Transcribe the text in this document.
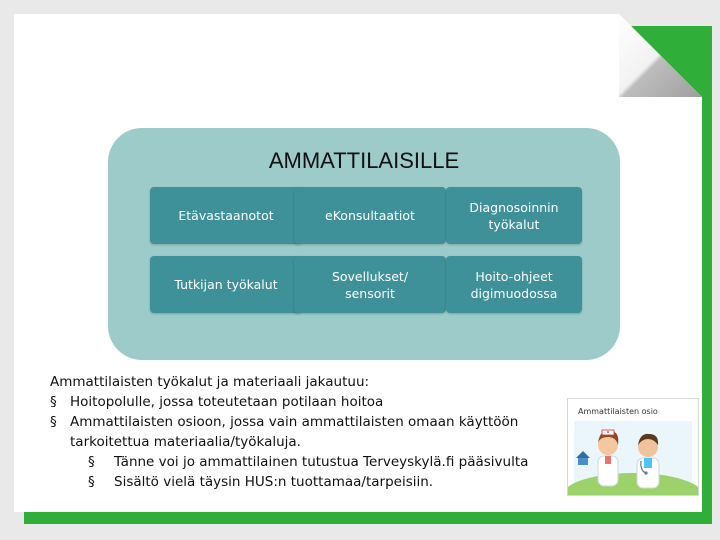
AMMATTILAISILLE
Etävastaanotot	eKonsultaatiot
Diagnosoinnin työkalut
Tutkijan työkalut
Sovellukset/ sensorit
Hoito-ohjeet digimuodossa
Ammattilaisten työkalut ja materiaali jakautuu:
§ Hoitopolulle, jossa toteutetaan potilaan hoitoa
§ Ammattilaisten osioon, jossa vain ammattilaisten omaan käyttöön
tarkoitettua materiaalia/työkaluja.
§ Tänne voi jo ammattilainen tutustua Terveyskylä.fi pääsivulta
§ Sisältö vielä täysin HUS:n tuottamaa/tarpeisiin.
Ammattilaisten osio
